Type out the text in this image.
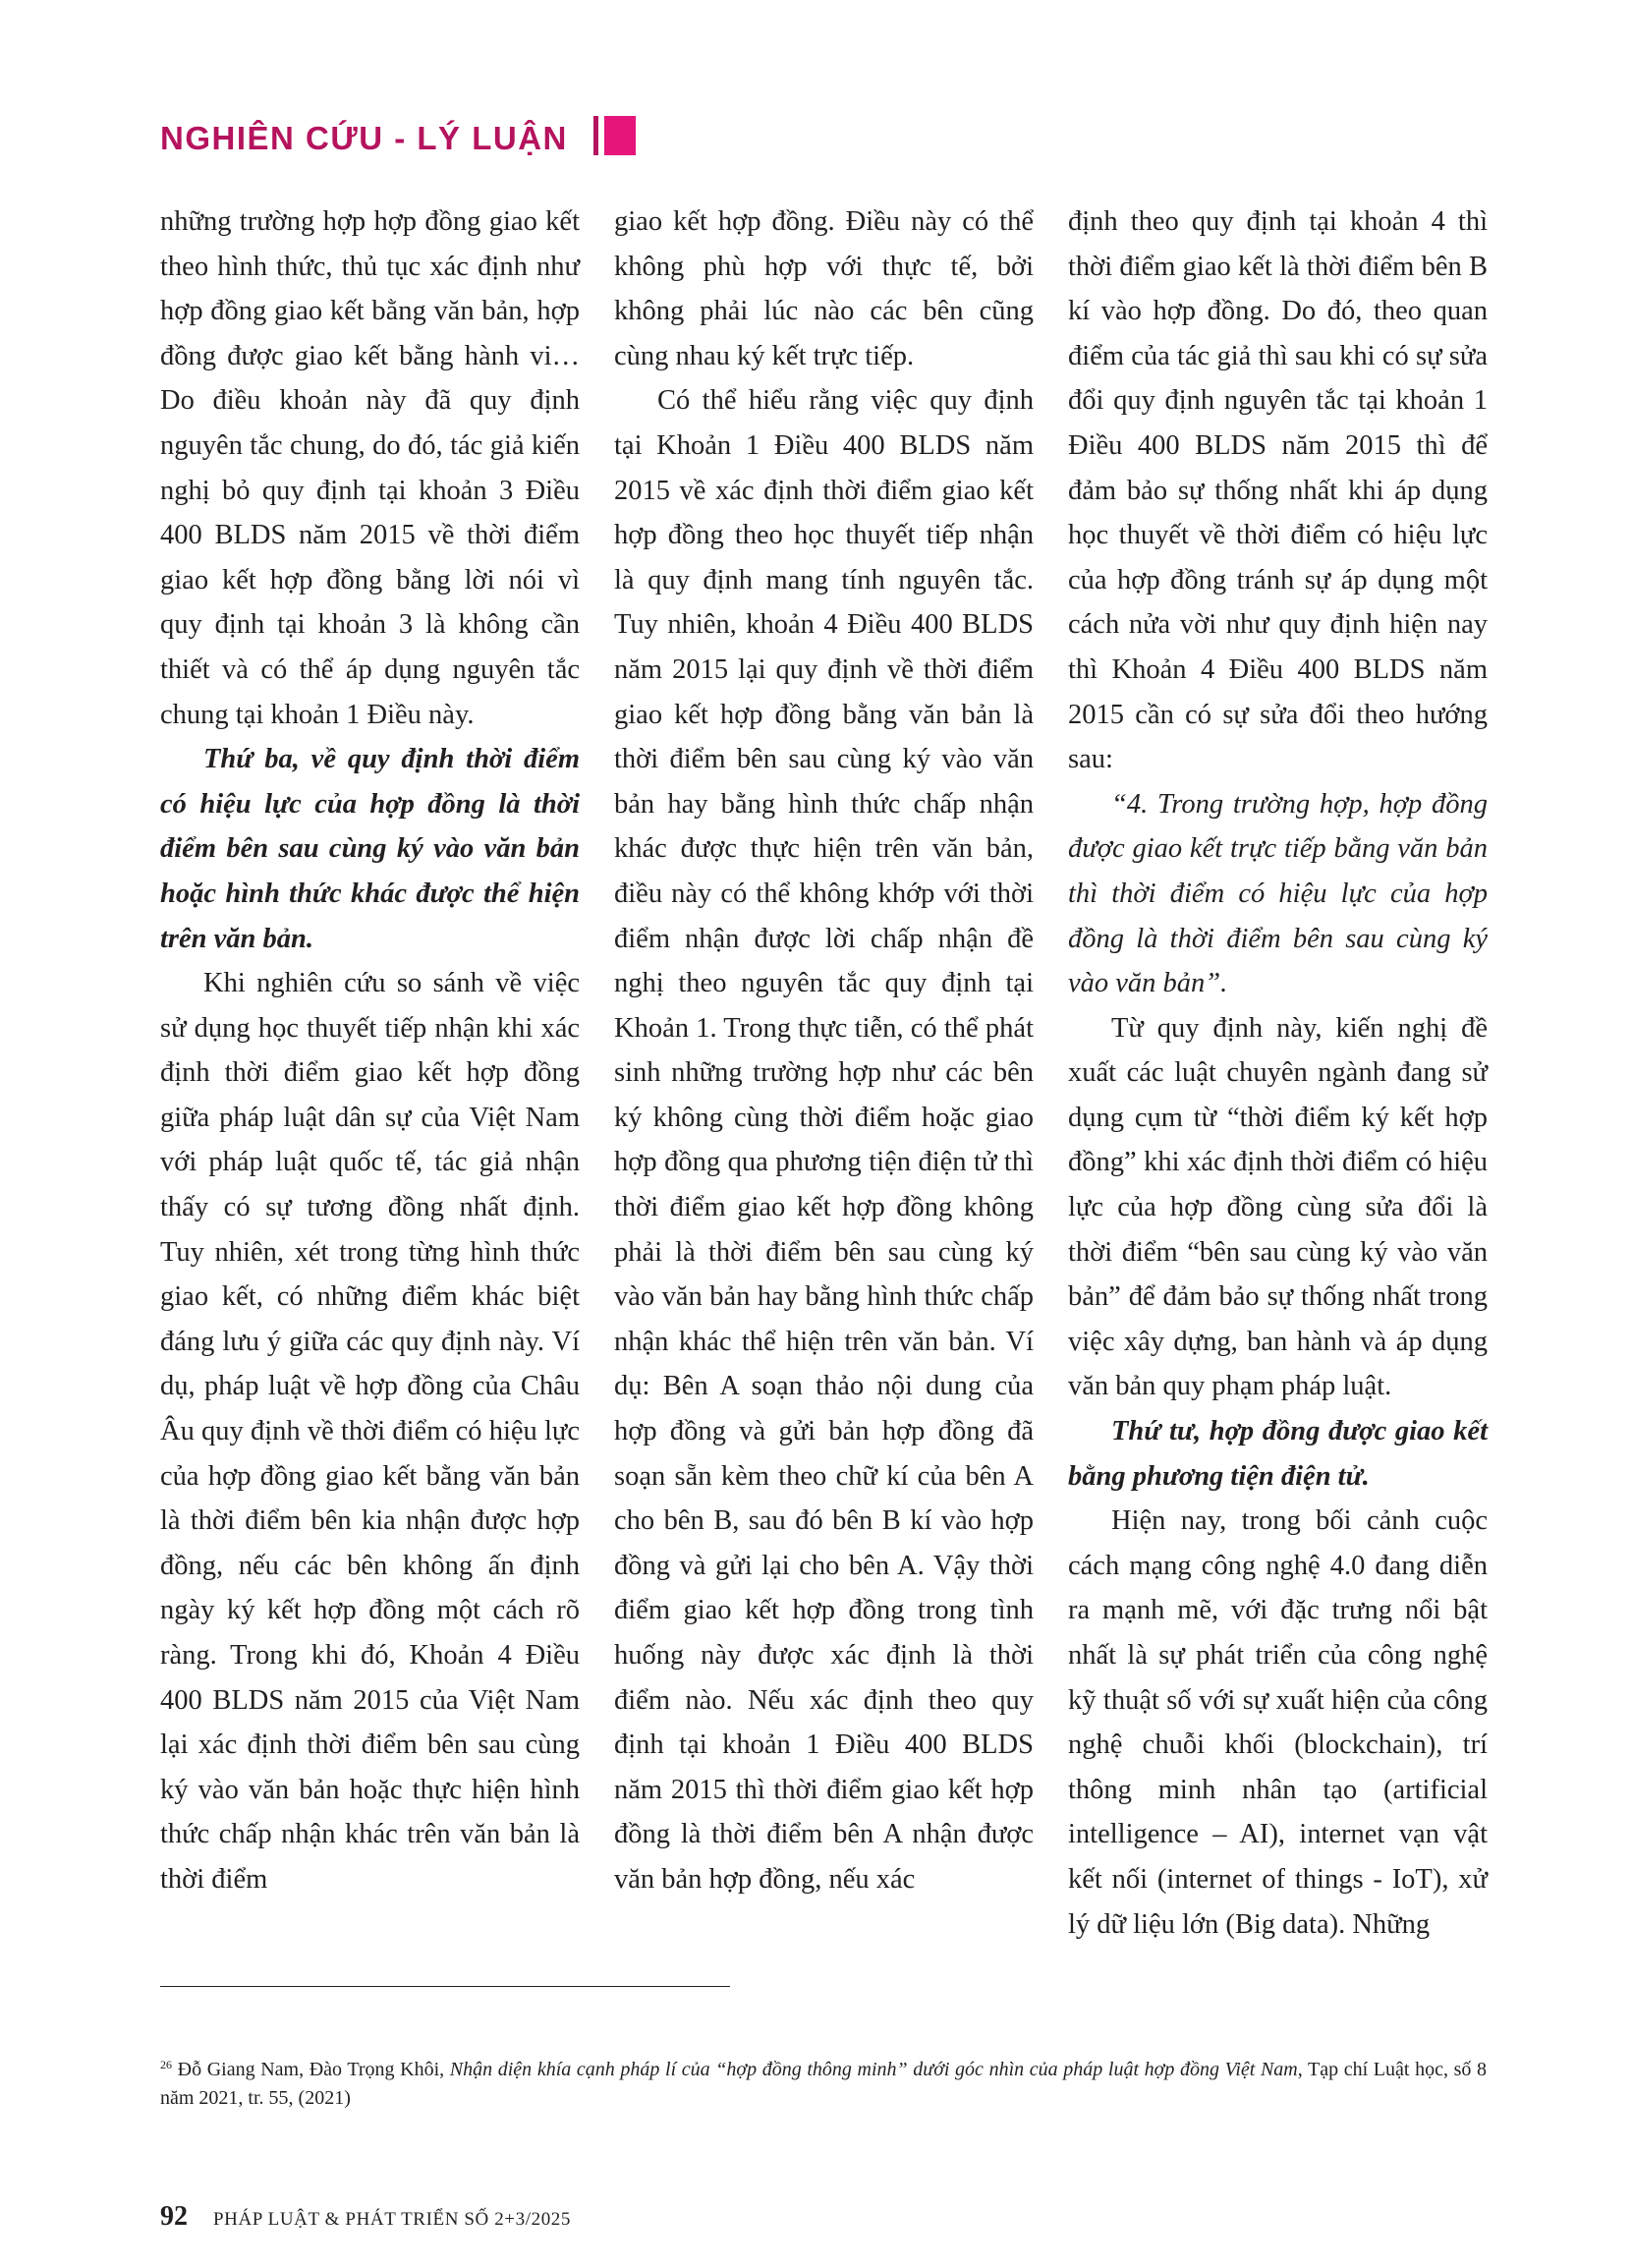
NGHIÊN CỨU - LÝ LUẬN

những trường hợp hợp đồng giao kết theo hình thức, thủ tục xác định như hợp đồng giao kết bằng văn bản, hợp đồng được giao kết bằng hành vi… Do điều khoản này đã quy định nguyên tắc chung, do đó, tác giả kiến nghị bỏ quy định tại khoản 3 Điều 400 BLDS năm 2015 về thời điểm giao kết hợp đồng bằng lời nói vì quy định tại khoản 3 là không cần thiết và có thể áp dụng nguyên tắc chung tại khoản 1 Điều này.

Thứ ba, về quy định thời điểm có hiệu lực của hợp đồng là thời điểm bên sau cùng ký vào văn bản hoặc hình thức khác được thể hiện trên văn bản.

Khi nghiên cứu so sánh về việc sử dụng học thuyết tiếp nhận khi xác định thời điểm giao kết hợp đồng giữa pháp luật dân sự của Việt Nam với pháp luật quốc tế, tác giả nhận thấy có sự tương đồng nhất định. Tuy nhiên, xét trong từng hình thức giao kết, có những điểm khác biệt đáng lưu ý giữa các quy định này. Ví dụ, pháp luật về hợp đồng của Châu Âu quy định về thời điểm có hiệu lực của hợp đồng giao kết bằng văn bản là thời điểm bên kia nhận được hợp đồng, nếu các bên không ấn định ngày ký kết hợp đồng một cách rõ ràng. Trong khi đó, Khoản 4 Điều 400 BLDS năm 2015 của Việt Nam lại xác định thời điểm bên sau cùng ký vào văn bản hoặc thực hiện hình thức chấp nhận khác trên văn bản là thời điểm

giao kết hợp đồng. Điều này có thể không phù hợp với thực tế, bởi không phải lúc nào các bên cũng cùng nhau ký kết trực tiếp.

Có thể hiểu rằng việc quy định tại Khoản 1 Điều 400 BLDS năm 2015 về xác định thời điểm giao kết hợp đồng theo học thuyết tiếp nhận là quy định mang tính nguyên tắc. Tuy nhiên, khoản 4 Điều 400 BLDS năm 2015 lại quy định về thời điểm giao kết hợp đồng bằng văn bản là thời điểm bên sau cùng ký vào văn bản hay bằng hình thức chấp nhận khác được thực hiện trên văn bản, điều này có thể không khớp với thời điểm nhận được lời chấp nhận đề nghị theo nguyên tắc quy định tại Khoản 1. Trong thực tiễn, có thể phát sinh những trường hợp như các bên ký không cùng thời điểm hoặc giao hợp đồng qua phương tiện điện tử thì thời điểm giao kết hợp đồng không phải là thời điểm bên sau cùng ký vào văn bản hay bằng hình thức chấp nhận khác thể hiện trên văn bản. Ví dụ: Bên A soạn thảo nội dung của hợp đồng và gửi bản hợp đồng đã soạn sẵn kèm theo chữ kí của bên A cho bên B, sau đó bên B kí vào hợp đồng và gửi lại cho bên A. Vậy thời điểm giao kết hợp đồng trong tình huống này được xác định là thời điểm nào. Nếu xác định theo quy định tại khoản 1 Điều 400 BLDS năm 2015 thì thời điểm giao kết hợp đồng là thời điểm bên A nhận được văn bản hợp đồng, nếu xác

định theo quy định tại khoản 4 thì thời điểm giao kết là thời điểm bên B kí vào hợp đồng. Do đó, theo quan điểm của tác giả thì sau khi có sự sửa đổi quy định nguyên tắc tại khoản 1 Điều 400 BLDS năm 2015 thì để đảm bảo sự thống nhất khi áp dụng học thuyết về thời điểm có hiệu lực của hợp đồng tránh sự áp dụng một cách nửa vời như quy định hiện nay thì Khoản 4 Điều 400 BLDS năm 2015 cần có sự sửa đổi theo hướng sau:

“4. Trong trường hợp, hợp đồng được giao kết trực tiếp bằng văn bản thì thời điểm có hiệu lực của hợp đồng là thời điểm bên sau cùng ký vào văn bản”.

Từ quy định này, kiến nghị đề xuất các luật chuyên ngành đang sử dụng cụm từ “thời điểm ký kết hợp đồng” khi xác định thời điểm có hiệu lực của hợp đồng cùng sửa đổi là thời điểm “bên sau cùng ký vào văn bản” để đảm bảo sự thống nhất trong việc xây dựng, ban hành và áp dụng văn bản quy phạm pháp luật.

Thứ tư, hợp đồng được giao kết bằng phương tiện điện tử.

Hiện nay, trong bối cảnh cuộc cách mạng công nghệ 4.0 đang diễn ra mạnh mẽ, với đặc trưng nổi bật nhất là sự phát triển của công nghệ kỹ thuật số với sự xuất hiện của công nghệ chuỗi khối (blockchain), trí thông minh nhân tạo (artificial intelligence – AI), internet vạn vật kết nối (internet of things - IoT), xử lý dữ liệu lớn (Big data). Những

$^{26}$ Đỗ Giang Nam, Đào Trọng Khôi, Nhận diện khía cạnh pháp lí của “hợp đồng thông minh” dưới góc nhìn của pháp luật hợp đồng Việt Nam, Tạp chí Luật học, số 8 năm 2021, tr. 55, (2021)
92 PHÁP LUẬT & PHÁT TRIỂN SỐ 2+3/2025
